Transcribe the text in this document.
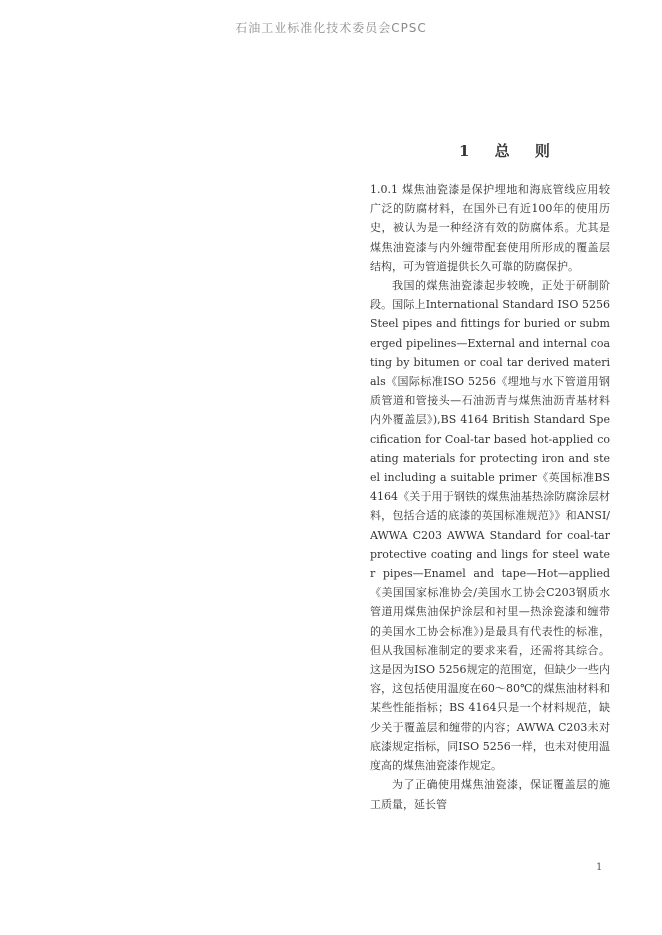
石油工业标准化技术委员会CPSC
1 总 则

1.0.1 煤焦油瓷漆是保护埋地和海底管线应用较广泛的防腐材料，在国外已有近100年的使用历史，被认为是一种经济有效的防腐体系。尤其是煤焦油瓷漆与内外缠带配套使用所形成的覆盖层结构，可为管道提供长久可靠的防腐保护。

我国的煤焦油瓷漆起步较晚，正处于研制阶段。国际上International Standard ISO 5256 Steel pipes and fittings for buried or submerged pipelines—External and internal coating by bitumen or coal tar derived materials《国际标准ISO 5256《埋地与水下管道用钢质管道和管接头—石油沥青与煤焦油沥青基材料内外覆盖层》),BS 4164 British Standard Specification for Coal-tar based hot-applied coating materials for protecting iron and steel including a suitable primer《英国标准BS 4164《关于用于钢铁的煤焦油基热涂防腐涂层材料，包括合适的底漆的英国标准规范》》和ANSI/AWWA C203 AWWA Standard for coal-tar protective coating and lings for steel water pipes—Enamel and tape—Hot—applied《美国国家标准协会/美国水工协会C203钢质水管道用煤焦油保护涂层和衬里—热涂瓷漆和缠带的美国水工协会标准》)是最具有代表性的标准，但从我国标准制定的要求来看，还需将其综合。这是因为ISO 5256规定的范围宽，但缺少一些内容，这包括使用温度在60～80℃的煤焦油材料和某些性能指标；BS 4164只是一个材料规范，缺少关于覆盖层和缠带的内容；AWWA C203未对底漆规定指标，同ISO 5256一样，也未对使用温度高的煤焦油瓷漆作规定。

为了正确使用煤焦油瓷漆，保证覆盖层的施工质量，延长管

1
